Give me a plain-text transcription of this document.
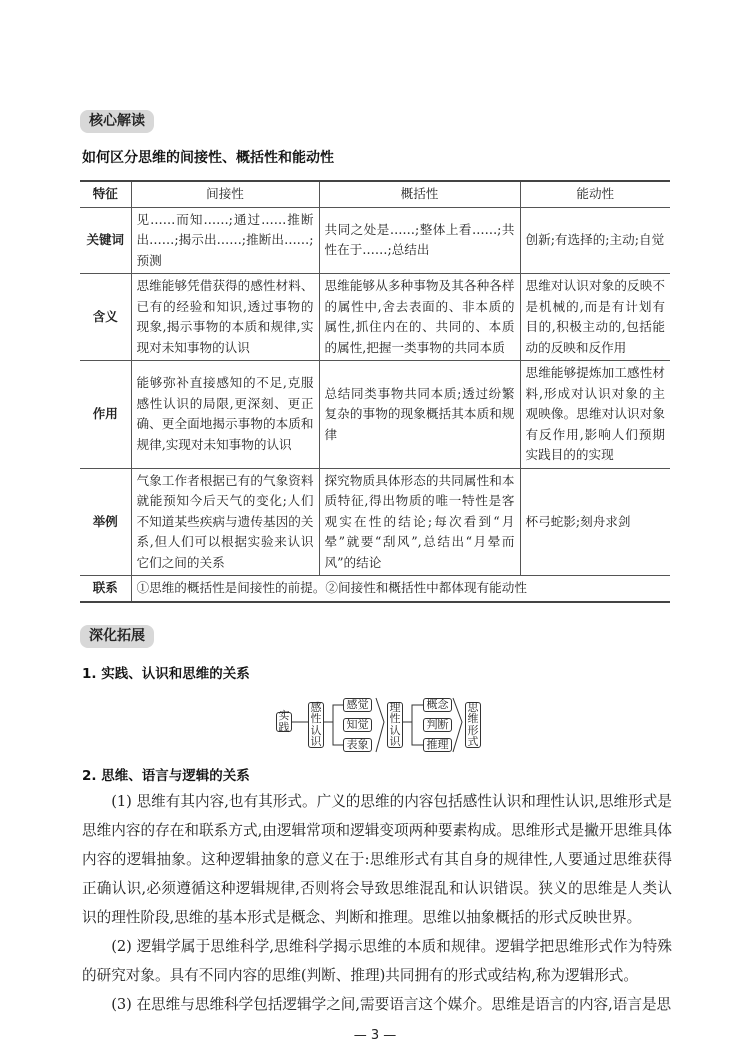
核心解读
如何区分思维的间接性、概括性和能动性
特征	间接性	概括性	能动性
关键词	见……而知……;通过……推断出……;揭示出……;推断出……;预测	共同之处是……;整体上看……;共性在于……;总结出	创新;有选择的;主动;自觉
含义	思维能够凭借获得的感性材料、已有的经验和知识,透过事物的现象,揭示事物的本质和规律,实现对未知事物的认识	思维能够从多种事物及其各种各样的属性中,舍去表面的、非本质的属性,抓住内在的、共同的、本质的属性,把握一类事物的共同本质	思维对认识对象的反映不是机械的,而是有计划有目的,积极主动的,包括能动的反映和反作用
作用	能够弥补直接感知的不足,克服感性认识的局限,更深刻、更正确、更全面地揭示事物的本质和规律,实现对未知事物的认识	总结同类事物共同本质;透过纷繁复杂的事物的现象概括其本质和规律	思维能够提炼加工感性材料,形成对认识对象的主观映像。思维对认识对象有反作用,影响人们预期实践目的的实现
举例	气象工作者根据已有的气象资料就能预知今后天气的变化;人们不知道某些疾病与遗传基因的关系,但人们可以根据实验来认识它们之间的关系	探究物质具体形态的共同属性和本质特征,得出物质的唯一特性是客观实在性的结论;每次看到“月晕”就要“刮风”,总结出“月晕而风”的结论	杯弓蛇影;刻舟求剑
联系	①思维的概括性是间接性的前提。②间接性和概括性中都体现有能动性		
深化拓展
1. 实践、认识和思维的关系
实践
感性认识
感觉
知觉
表象
理性认识
概念
判断
推理
思维形式
2. 思维、语言与逻辑的关系
(1) 思维有其内容,也有其形式。广义的思维的内容包括感性认识和理性认识,思维形式是思维内容的存在和联系方式,由逻辑常项和逻辑变项两种要素构成。思维形式是撇开思维具体内容的逻辑抽象。这种逻辑抽象的意义在于:思维形式有其自身的规律性,人要通过思维获得正确认识,必须遵循这种逻辑规律,否则将会导致思维混乱和认识错误。狭义的思维是人类认识的理性阶段,思维的基本形式是概念、判断和推理。思维以抽象概括的形式反映世界。
(2) 逻辑学属于思维科学,思维科学揭示思维的本质和规律。逻辑学把思维形式作为特殊的研究对象。具有不同内容的思维(判断、推理)共同拥有的形式或结构,称为逻辑形式。
(3) 在思维与思维科学包括逻辑学之间,需要语言这个媒介。思维是语言的内容,语言是思
— 3 —
